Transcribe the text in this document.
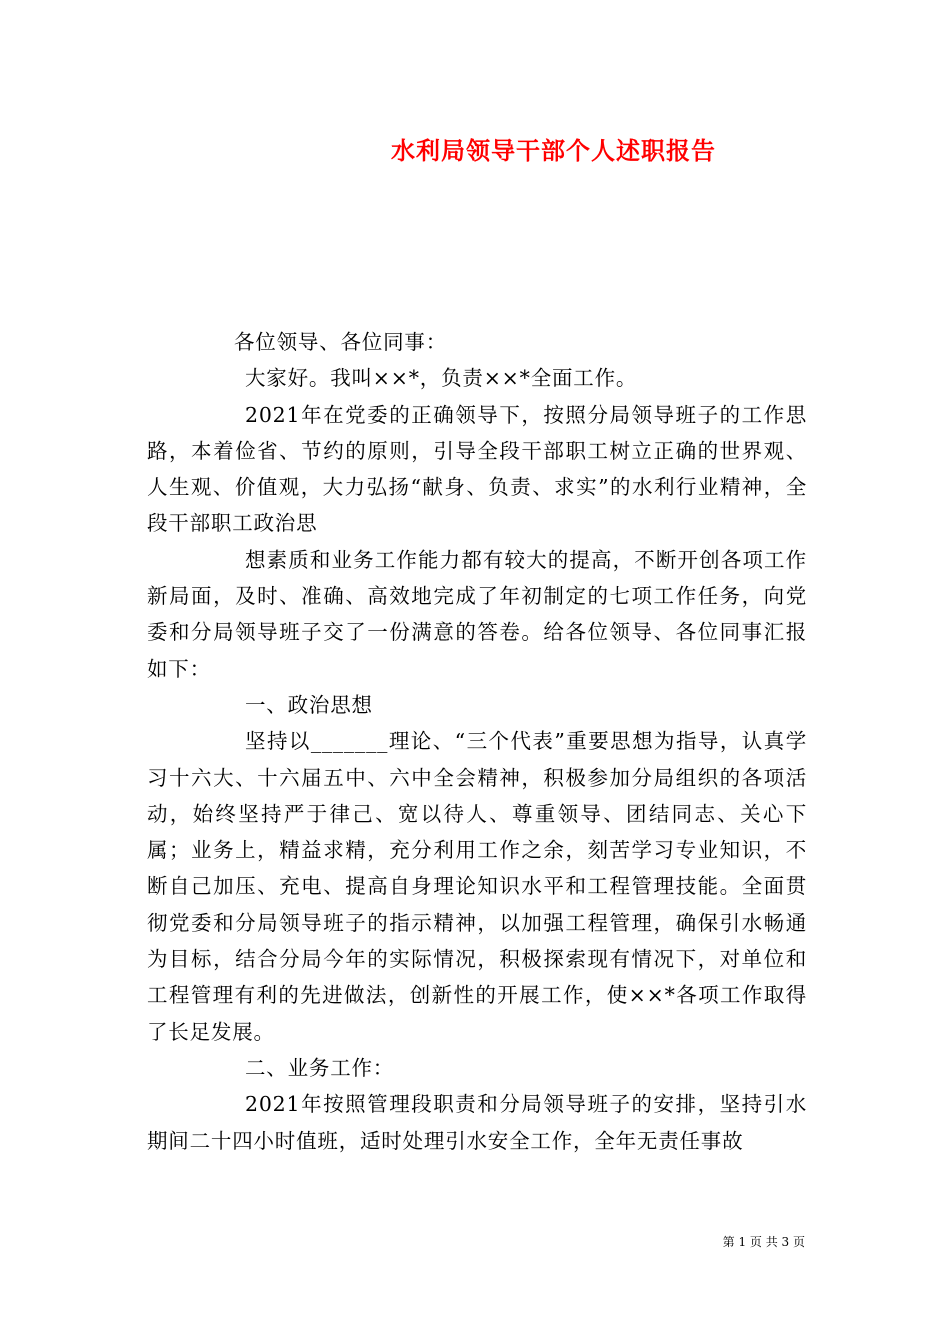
水利局领导干部个人述职报告

各位领导、各位同事：

大家好。我叫××*，负责××*全面工作。

2021年在党委的正确领导下，按照分局领导班子的工作思路，本着俭省、节约的原则，引导全段干部职工树立正确的世界观、人生观、价值观，大力弘扬“献身、负责、求实”的水利行业精神，全段干部职工政治思

想素质和业务工作能力都有较大的提高，不断开创各项工作新局面，及时、准确、高效地完成了年初制定的七项工作任务，向党委和分局领导班子交了一份满意的答卷。给各位领导、各位同事汇报如下：

一、政治思想

坚持以_______理论、“三个代表”重要思想为指导，认真学习十六大、十六届五中、六中全会精神，积极参加分局组织的各项活动，始终坚持严于律己、宽以待人、尊重领导、团结同志、关心下属；业务上，精益求精，充分利用工作之余，刻苦学习专业知识，不断自己加压、充电、提高自身理论知识水平和工程管理技能。全面贯彻党委和分局领导班子的指示精神，以加强工程管理，确保引水畅通为目标，结合分局今年的实际情况，积极探索现有情况下，对单位和工程管理有利的先进做法，创新性的开展工作，使××*各项工作取得了长足发展。

二、业务工作：

2021年按照管理段职责和分局领导班子的安排，坚持引水期间二十四小时值班，适时处理引水安全工作，全年无责任事故

第 1 页 共 3 页
